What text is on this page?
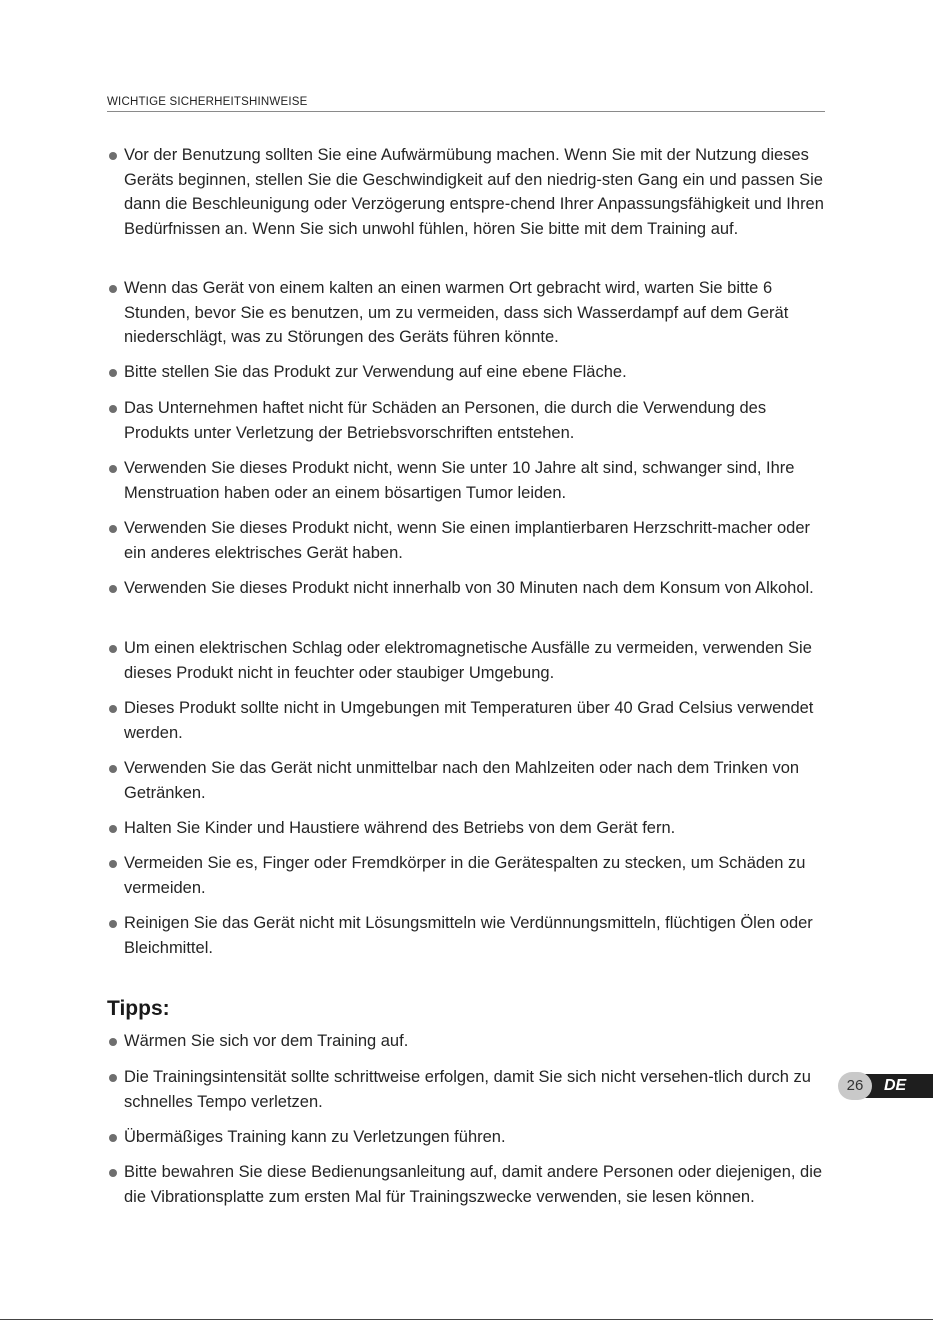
WICHTIGE SICHERHEITSHINWEISE
Vor der Benutzung sollten Sie eine Aufwärmübung machen. Wenn Sie mit der Nutzung dieses Geräts beginnen, stellen Sie die Geschwindigkeit auf den niedrig-sten Gang ein und passen Sie dann die Beschleunigung oder Verzögerung entspre-chend Ihrer Anpassungsfähigkeit und Ihren Bedürfnissen an. Wenn Sie sich unwohl fühlen, hören Sie bitte mit dem Training auf.
Wenn das Gerät von einem kalten an einen warmen Ort gebracht wird, warten Sie bitte 6 Stunden, bevor Sie es benutzen, um zu vermeiden, dass sich Wasserdampf auf dem Gerät niederschlägt, was zu Störungen des Geräts führen könnte.
Bitte stellen Sie das Produkt zur Verwendung auf eine ebene Fläche.
Das Unternehmen haftet nicht für Schäden an Personen, die durch die Verwendung des Produkts unter Verletzung der Betriebsvorschriften entstehen.
Verwenden Sie dieses Produkt nicht, wenn Sie unter 10 Jahre alt sind, schwanger sind, Ihre Menstruation haben oder an einem bösartigen Tumor leiden.
Verwenden Sie dieses Produkt nicht, wenn Sie einen implantierbaren Herzschritt-macher oder ein anderes elektrisches Gerät haben.
Verwenden Sie dieses Produkt nicht innerhalb von 30 Minuten nach dem Konsum von Alkohol.
Um einen elektrischen Schlag oder elektromagnetische Ausfälle zu vermeiden, verwenden Sie dieses Produkt nicht in feuchter oder staubiger Umgebung.
Dieses Produkt sollte nicht in Umgebungen mit Temperaturen über 40 Grad Celsius verwendet werden.
Verwenden Sie das Gerät nicht unmittelbar nach den Mahlzeiten oder nach dem Trinken von Getränken.
Halten Sie Kinder und Haustiere während des Betriebs von dem Gerät fern.
Vermeiden Sie es, Finger oder Fremdkörper in die Gerätespalten zu stecken, um Schäden zu vermeiden.
Reinigen Sie das Gerät nicht mit Lösungsmitteln wie Verdünnungsmitteln, flüchtigen Ölen oder Bleichmittel.
Tipps:
Wärmen Sie sich vor dem Training auf.
Die Trainingsintensität sollte schrittweise erfolgen, damit Sie sich nicht versehen-tlich durch zu schnelles Tempo verletzen.
Übermäßiges Training kann zu Verletzungen führen.
Bitte bewahren Sie diese Bedienungsanleitung auf, damit andere Personen oder diejenigen, die die Vibrationsplatte zum ersten Mal für Trainingszwecke verwenden, sie lesen können.
DE
26
